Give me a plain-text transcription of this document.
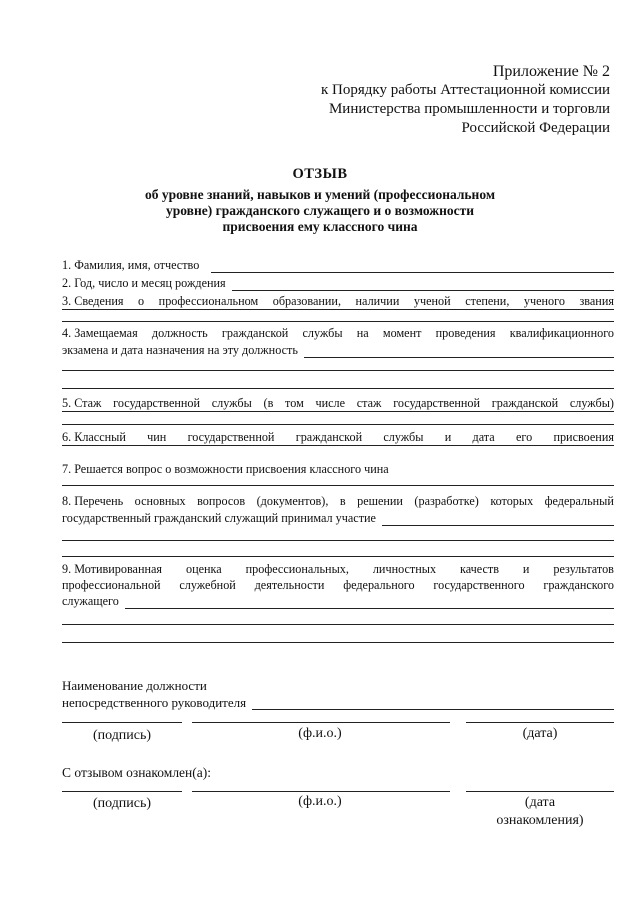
Приложение № 2
к Порядку работы Аттестационной комиссии
Министерства промышленности и торговли
Российской Федерации
ОТЗЫВ
об уровне знаний, навыков и умений (профессиональном
уровне) гражданского служащего и о возможности
присвоения ему классного чина
1. Фамилия, имя, отчество
2. Год, число и месяц рождения
3. Сведения о профессиональном образовании, наличии ученой степени, ученого звания
4. Замещаемая должность гражданской службы на момент проведения квалификационного
экзамена и дата назначения на эту должность
5. Стаж государственной службы (в том числе стаж государственной гражданской службы)
6. Классный чин государственной гражданской службы и дата его присвоения
7. Решается вопрос о возможности присвоения классного чина
8. Перечень основных вопросов (документов), в решении (разработке) которых федеральный
государственный гражданский служащий принимал участие
9. Мотивированная оценка профессиональных, личностных качеств и результатов
профессиональной служебной деятельности федерального государственного гражданского
служащего
Наименование должности
непосредственного руководителя
(подпись)	(ф.и.о.)	(дата)
С отзывом ознакомлен(а):
(подпись)	(ф.и.о.)	(дата
ознакомления)
